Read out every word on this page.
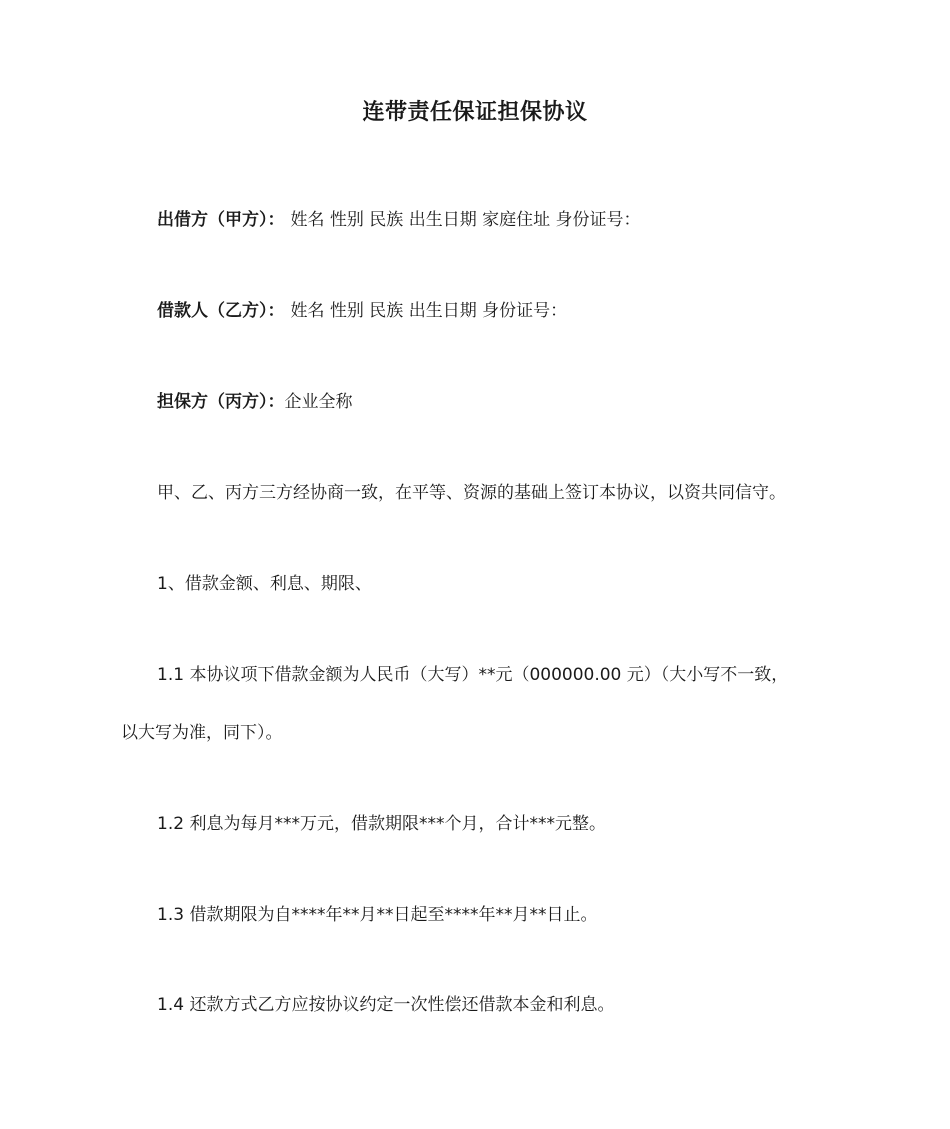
连带责任保证担保协议
出借方（甲方）： 姓名 性别 民族 出生日期 家庭住址 身份证号：
借款人（乙方）： 姓名 性别 民族 出生日期 身份证号：
担保方（丙方）：企业全称
甲、乙、丙方三方经协商一致，在平等、资源的基础上签订本协议，以资共同信守。
1、借款金额、利息、期限、
1.1 本协议项下借款金额为人民币（大写）**元（000000.00 元）（大小写不一致，
以大写为准，同下）。
1.2 利息为每月***万元，借款期限***个月，合计***元整。
1.3 借款期限为自****年**月**日起至****年**月**日止。
1.4 还款方式乙方应按协议约定一次性偿还借款本金和利息。
